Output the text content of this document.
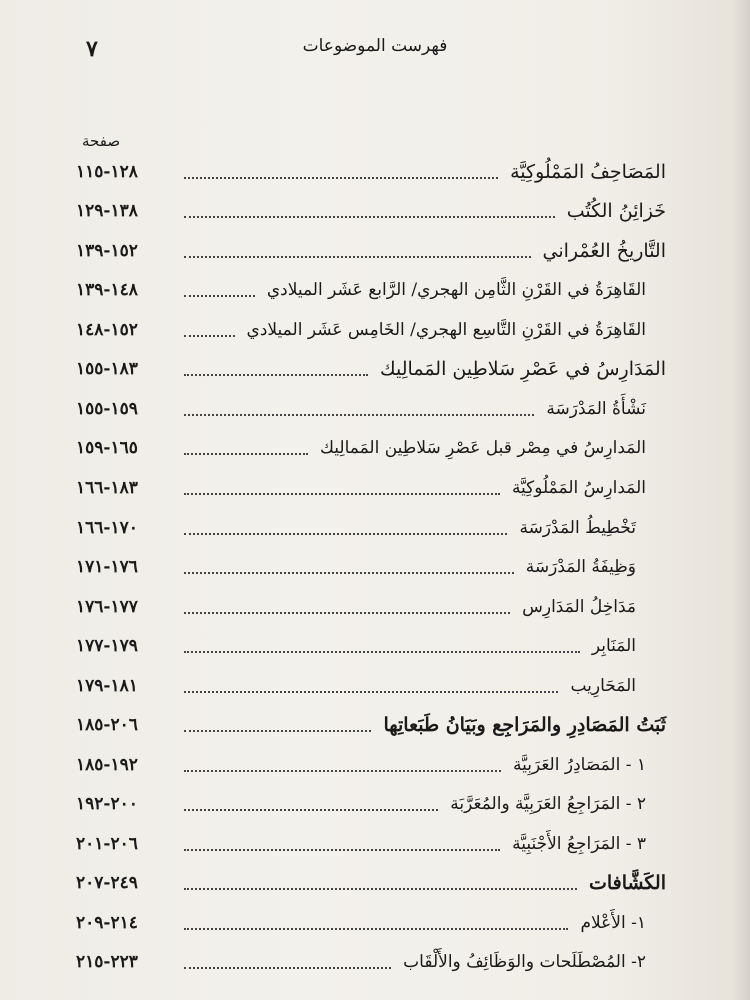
فهرست الموضوعات
٧
صفحة
المَصَاحِفُ المَمْلُوكِيَّة
١٢٨-١١٥
خَزائِنُ الكُتُب
١٣٨-١٢٩
التَّاريخُ العُمْراني
١٥٢-١٣٩
القَاهِرَةُ في القَرْنِ الثَّامِن الهجري/ الرَّابع عَشَر الميلادي
١٤٨-١٣٩
القَاهِرَةُ في القَرْنِ التَّاسِع الهجري/ الخَامِس عَشَر الميلادي
١٥٢-١٤٨
المَدَارِسُ في عَصْرِ سَلاطِين المَمالِيك
١٨٣-١٥٥
نَشْأَةُ المَدْرَسَة
١٥٩-١٥٥
المَدارِسُ في مِصْر قبل عَصْرِ سَلاطِين المَمالِيك
١٦٥-١٥٩
المَدارِسُ المَمْلُوكِيَّة
١٨٣-١٦٦
تَخْطِيطُ المَدْرَسَة
١٧٠-١٦٦
وَظِيفَةُ المَدْرَسَة
١٧٦-١٧١
مَدَاخِلُ المَدَارِس
١٧٧-١٧٦
المَنَابِر
١٧٩-١٧٧
المَحَارِيب
١٨١-١٧٩
ثَبَتُ المَصَادِرِ والمَرَاجِع وبَيَانُ طَبَعاتِها
٢٠٦-١٨٥
١ - المَصَادِرُ العَرَبِيَّة
١٩٢-١٨٥
٢ - المَرَاجِعُ العَرَبِيَّة والمُعَرَّبَة
٢٠٠-١٩٢
٣ - المَرَاجِعُ الأَجْنَبِيَّة
٢٠٦-٢٠١
الكَشَّافات
٢٤٩-٢٠٧
١- الأَعْلام
٢١٤-٢٠٩
٢- المُصْطَلَحات والوَظَائِفُ والأَلْقَاب
٢٢٣-٢١٥
